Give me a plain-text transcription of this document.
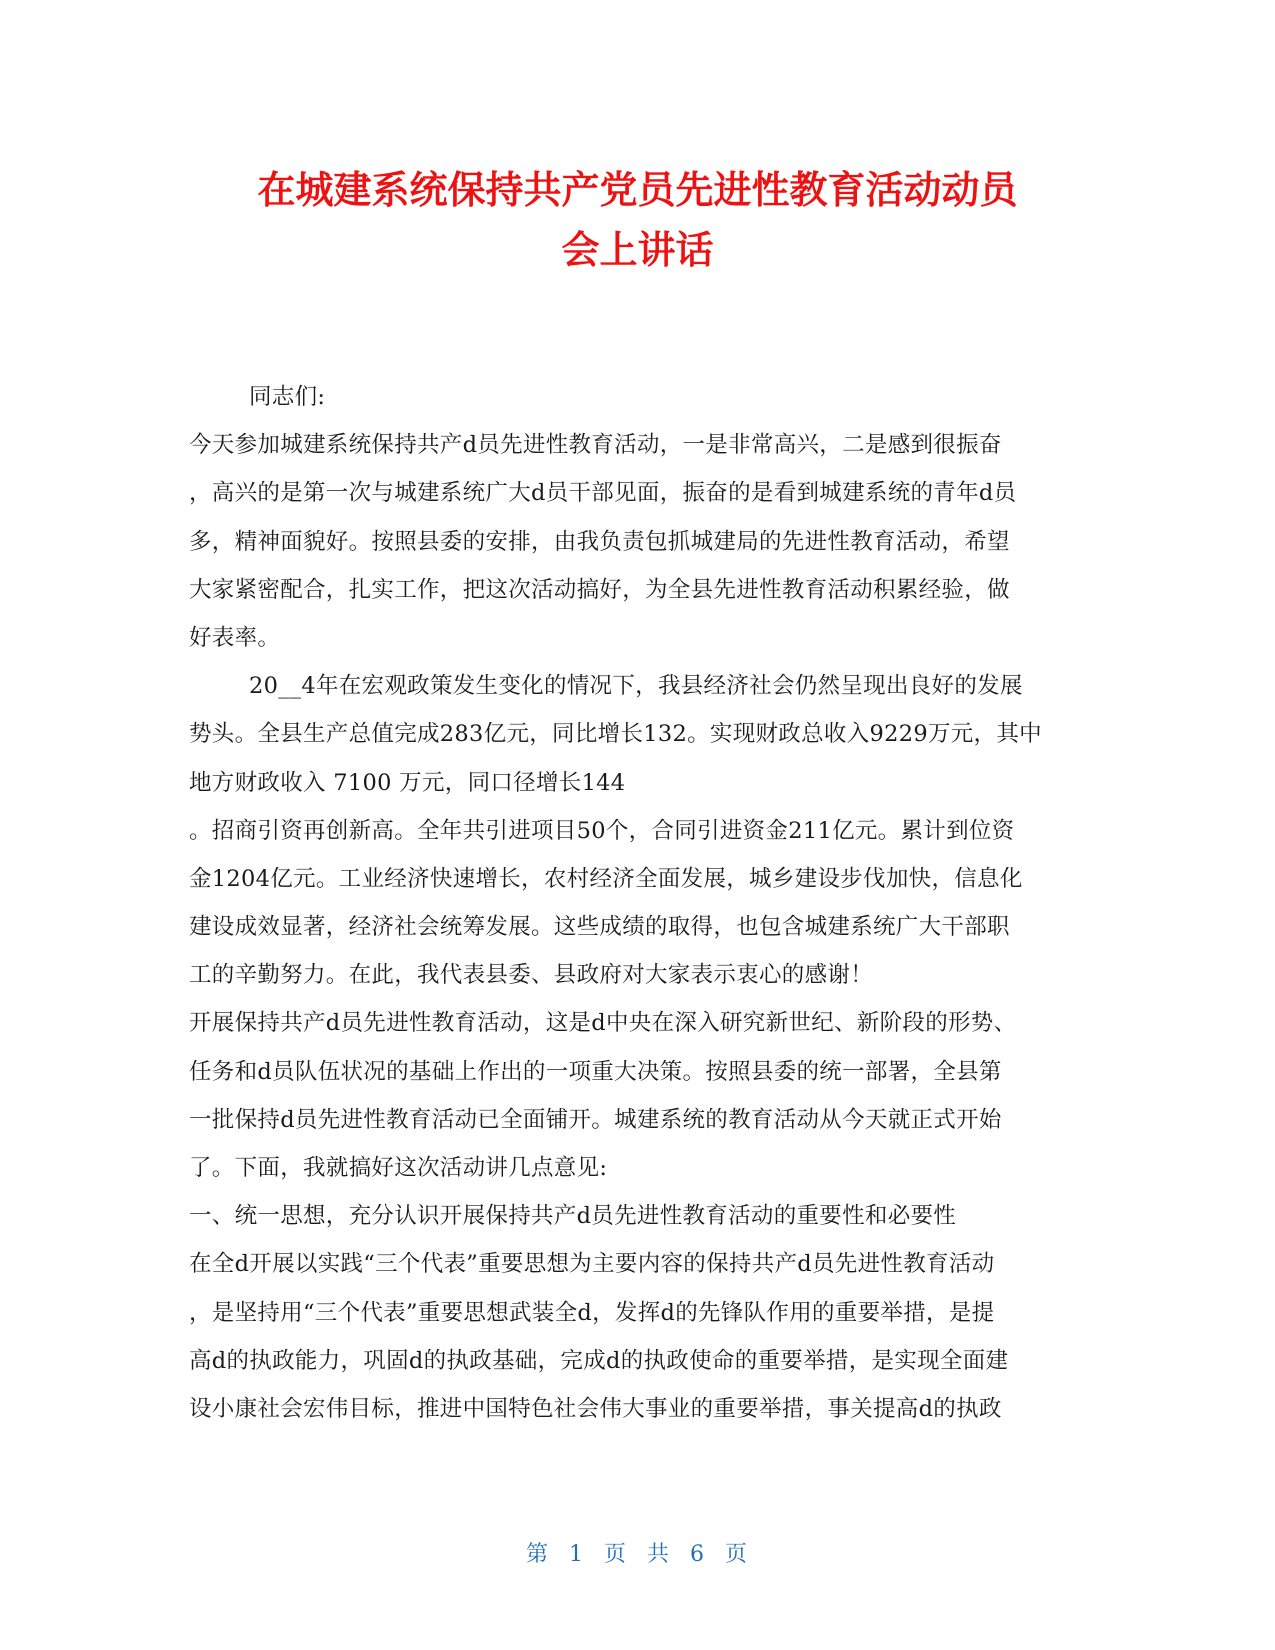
在城建系统保持共产党员先进性教育活动动员
会上讲话
同志们:
今天参加城建系统保持共产d员先进性教育活动，一是非常高兴，二是感到很振奋
，高兴的是第一次与城建系统广大d员干部见面，振奋的是看到城建系统的青年d员
多，精神面貌好。按照县委的安排，由我负责包抓城建局的先进性教育活动，希望
大家紧密配合，扎实工作，把这次活动搞好，为全县先进性教育活动积累经验，做
好表率。
20__4年在宏观政策发生变化的情况下，我县经济社会仍然呈现出良好的发展
势头。全县生产总值完成283亿元，同比增长132。实现财政总收入9229万元，其中
地方财政收入 7100 万元，同口径增长144
。招商引资再创新高。全年共引进项目50个，合同引进资金211亿元。累计到位资
金1204亿元。工业经济快速增长，农村经济全面发展，城乡建设步伐加快，信息化
建设成效显著，经济社会统筹发展。这些成绩的取得，也包含城建系统广大干部职
工的辛勤努力。在此，我代表县委、县政府对大家表示衷心的感谢！
开展保持共产d员先进性教育活动，这是d中央在深入研究新世纪、新阶段的形势、
任务和d员队伍状况的基础上作出的一项重大决策。按照县委的统一部署，全县第
一批保持d员先进性教育活动已全面铺开。城建系统的教育活动从今天就正式开始
了。下面，我就搞好这次活动讲几点意见:
一、统一思想，充分认识开展保持共产d员先进性教育活动的重要性和必要性
在全d开展以实践“三个代表”重要思想为主要内容的保持共产d员先进性教育活动
，是坚持用“三个代表”重要思想武装全d，发挥d的先锋队作用的重要举措，是提
高d的执政能力，巩固d的执政基础，完成d的执政使命的重要举措，是实现全面建
设小康社会宏伟目标，推进中国特色社会伟大事业的重要举措，事关提高d的执政
第 1 页 共 6 页
